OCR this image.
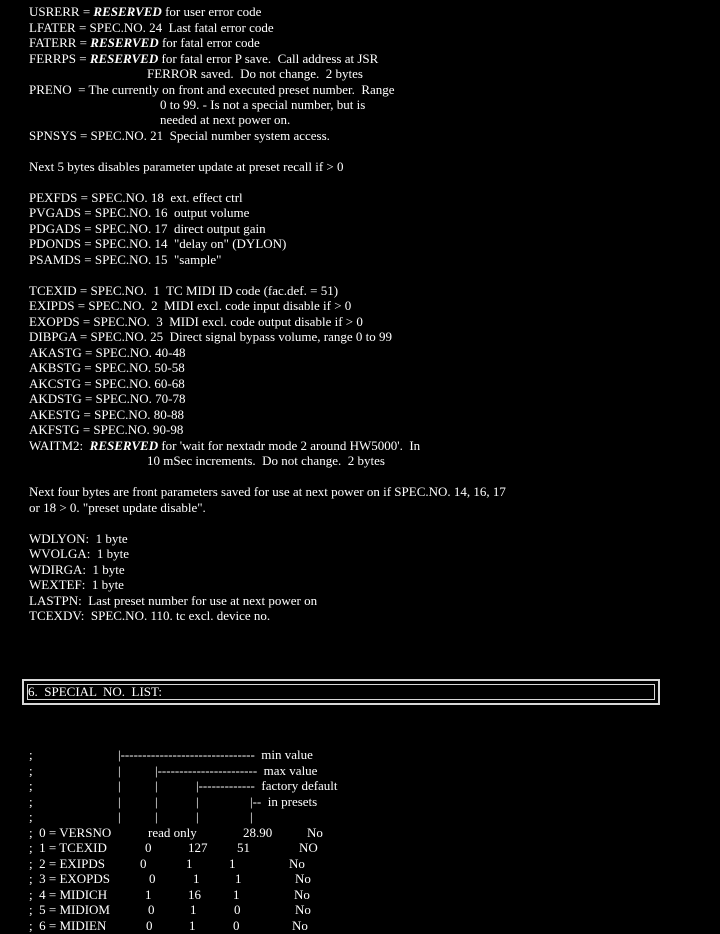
USRERR = RESERVED for user error code
LFATER = SPEC.NO. 24  Last fatal error code
FATERR = RESERVED for fatal error code
FERRPS = RESERVED for fatal error P save.  Call address at JSR
FERROR saved.  Do not change.  2 bytes
PRENO  = The currently on front and executed preset number.  Range
0 to 99. - Is not a special number, but is
needed at next power on.
SPNSYS = SPEC.NO. 21  Special number system access.
Next 5 bytes disables parameter update at preset recall if > 0
PEXFDS = SPEC.NO. 18  ext. effect ctrl
PVGADS = SPEC.NO. 16  output volume
PDGADS = SPEC.NO. 17  direct output gain
PDONDS = SPEC.NO. 14  "delay on" (DYLON)
PSAMDS = SPEC.NO. 15  "sample"
TCEXID = SPEC.NO.  1  TC MIDI ID code (fac.def. = 51)
EXIPDS = SPEC.NO.  2  MIDI excl. code input disable if > 0
EXOPDS = SPEC.NO.  3  MIDI excl. code output disable if > 0
DIBPGA = SPEC.NO. 25  Direct signal bypass volume, range 0 to 99
AKASTG = SPEC.NO. 40-48
AKBSTG = SPEC.NO. 50-58
AKCSTG = SPEC.NO. 60-68
AKDSTG = SPEC.NO. 70-78
AKESTG = SPEC.NO. 80-88
AKFSTG = SPEC.NO. 90-98
WAITM2:  RESERVED for 'wait for nextadr mode 2 around HW5000'.  In
10 mSec increments.  Do not change.  2 bytes
Next four bytes are front parameters saved for use at next power on if SPEC.NO. 14, 16, 17
or 18 > 0. "preset update disable".
WDLYON:  1 byte
WVOLGA:  1 byte
WDIRGA:  1 byte
WEXTEF:  1 byte
LASTPN:  Last preset number for use at next power on
TCEXDV:  SPEC.NO. 110. tc excl. device no.
6.  SPECIAL  NO.  LIST:
;	|-------------------------------  min value
;	|	|-----------------------  max value
;	|	|	|-------------  factory default
;	|	|	|	|--  in presets
;	|	|	|	|
;  0 = VERSNO	read only	28.90	No
;  1 = TCEXID	0	127 51	NO
;  2 = EXIPDS	0	1	1	No
;  3 = EXOPDS	0	1	1	No
;  4 = MIDICH	1	16 1	No
;  5 = MIDIOM	0	1	0	No
;  6 = MIDIEN	0	1	0	No
